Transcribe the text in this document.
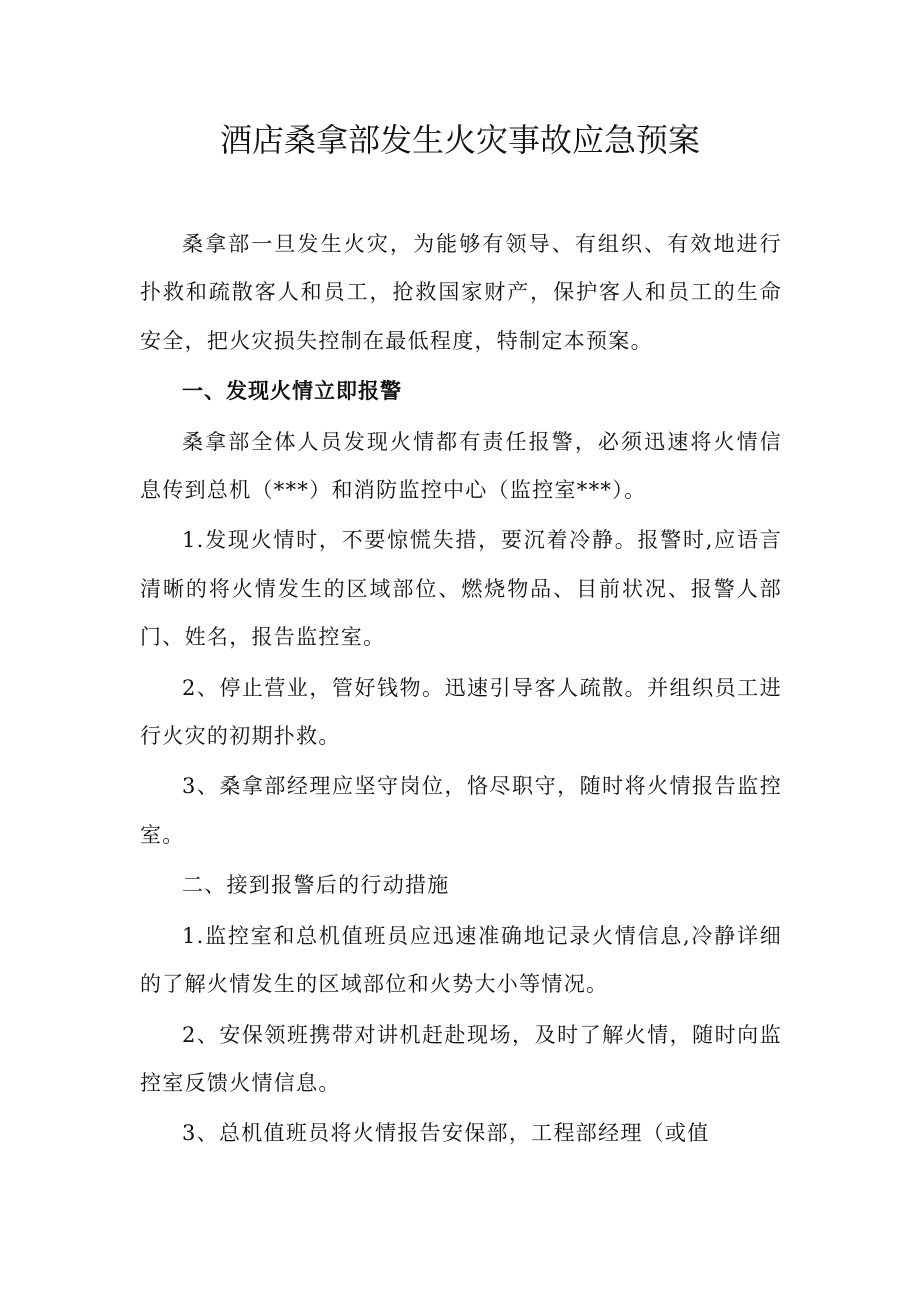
酒店桑拿部发生火灾事故应急预案

桑拿部一旦发生火灾，为能够有领导、有组织、有效地进行扑救和疏散客人和员工，抢救国家财产，保护客人和员工的生命安全，把火灾损失控制在最低程度，特制定本预案。

一、发现火情立即报警

桑拿部全体人员发现火情都有责任报警，必须迅速将火情信息传到总机（***）和消防监控中心（监控室***）。

1.发现火情时，不要惊慌失措，要沉着冷静。报警时,应语言清晰的将火情发生的区域部位、燃烧物品、目前状况、报警人部门、姓名，报告监控室。

2、停止营业，管好钱物。迅速引导客人疏散。并组织员工进行火灾的初期扑救。

3、桑拿部经理应坚守岗位，恪尽职守，随时将火情报告监控室。

二、接到报警后的行动措施

1.监控室和总机值班员应迅速准确地记录火情信息,冷静详细的了解火情发生的区域部位和火势大小等情况。

2、安保领班携带对讲机赶赴现场，及时了解火情，随时向监控室反馈火情信息。

3、总机值班员将火情报告安保部，工程部经理（或值
